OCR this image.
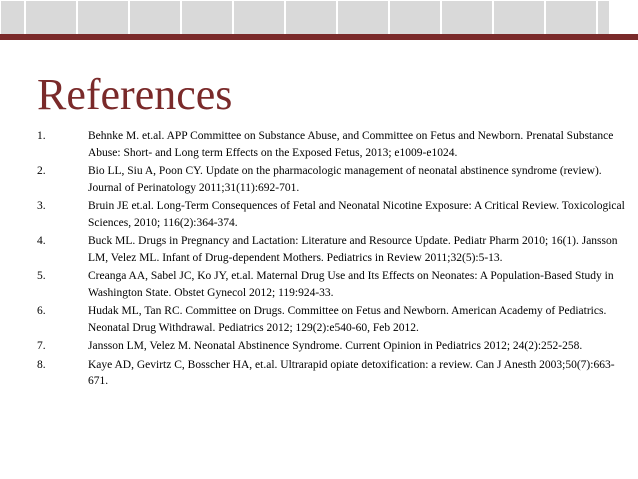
References
1.	Behnke M. et.al. APP Committee on Substance Abuse, and Committee on Fetus and Newborn. Prenatal Substance Abuse: Short- and Long term Effects on the Exposed Fetus, 2013; e1009-e1024.
2.	Bio LL, Siu A, Poon CY. Update on the pharmacologic management of neonatal abstinence syndrome (review). Journal of Perinatology 2011;31(11):692-701.
3.	Bruin JE et.al. Long-Term Consequences of Fetal and Neonatal Nicotine Exposure: A Critical Review. Toxicological Sciences, 2010; 116(2):364-374.
4.	Buck ML. Drugs in Pregnancy and Lactation: Literature and Resource Update. Pediatr Pharm 2010; 16(1). Jansson LM, Velez ML. Infant of Drug-dependent Mothers. Pediatrics in Review 2011;32(5):5-13.
5.	Creanga AA, Sabel JC, Ko JY, et.al. Maternal Drug Use and Its Effects on Neonates: A Population-Based Study in Washington State. Obstet Gynecol 2012; 119:924-33.
6.	Hudak ML, Tan RC. Committee on Drugs. Committee on Fetus and Newborn. American Academy of Pediatrics. Neonatal Drug Withdrawal. Pediatrics 2012; 129(2):e540-60, Feb 2012.
7.	Jansson LM, Velez M. Neonatal Abstinence Syndrome. Current Opinion in Pediatrics 2012; 24(2):252-258.
8.	Kaye AD, Gevirtz C, Bosscher HA, et.al. Ultrarapid opiate detoxification: a review. Can J Anesth 2003;50(7):663-671.
